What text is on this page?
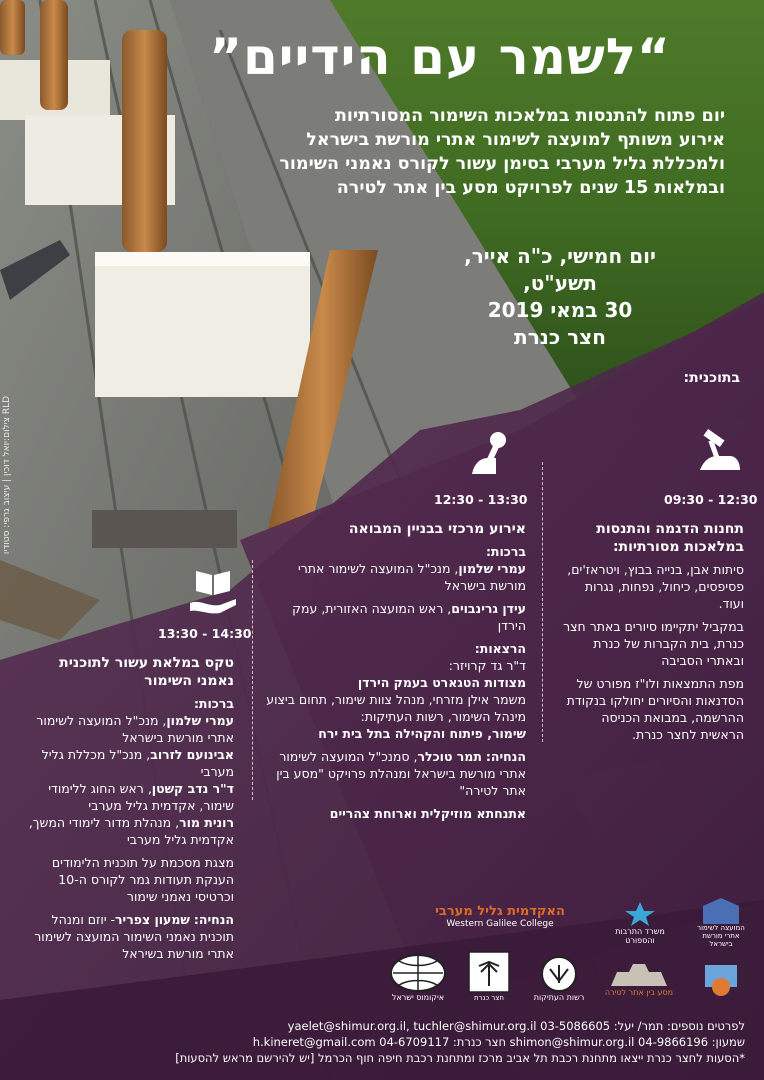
”לשמר עם הידיים“
יום פתוח להתנסות במלאכות השימור המסורתיות
אירוע משותף למועצה לשימור אתרי מורשת בישראל
ולמכללת גליל מערבי בסימן עשור לקורס נאמני השימור
ובמלאות 15 שנים לפרויקט מסע בין אתר לטירה
יום חמישי, כ"ה אייר, תשע"ט,
30 במאי 2019
חצר כנרת
בתוכנית:
09:30 - 12:30
12:30 - 13:30
13:30 - 14:30
תחנות הדגמה והתנסות במלאכות מסורתיות:

סיתות אבן, בנייה בבוץ, ויטראז'ים, פסיפסים, כיחול, נפחות, נגרות ועוד.

במקביל יתקיימו סיורים באתר חצר כנרת, בית הקברות של כנרת ובאתרי הסביבה

מפת התמצאות ולו"ז מפורט של הסדנאות והסיורים יחולקו בנקודת ההרשמה, במבואת הכניסה הראשית לחצר כנרת.

אירוע מרכזי בבניין המבואה
ברכות:

עמרי שלמון, מנכ"ל המועצה לשימור אתרי מורשת בישראל

עידן גרינבוים, ראש המועצה האזורית, עמק הירדן

הרצאות:
ד"ר גד קרויזר:
מצודות הטגארט בעמק הירדן
משמר אילן מזרחי, מנהל צוות שימור, תחום ביצוע מינהל השימור, רשות העתיקות:

שימור, פיתוח והקהילה בתל בית ירח

הנחיה: תמר טוכלר, סמנכ"ל המועצה לשימור אתרי מורשת בישראל ומנהלת פרויקט "מסע בין אתר לטירה"

אתנחתא מוזיקלית וארוחת צהריים

טקס במלאת עשור לתוכנית נאמני השימור
ברכות:
עמרי שלמון, מנכ"ל המועצה לשימור אתרי מורשת בישראל
אבינועם לזרוב, מנכ"ל מכללת גליל מערבי
ד"ר נדב קשטן, ראש החוג ללימודי שימור, אקדמית גליל מערבי

רונית מור, מנהלת מדור לימודי המשך, אקדמית גליל מערבי

מצגת מסכמת על תוכנית הלימודים

הענקת תעודות גמר לקורס ה-10 וכרטיסי נאמני שימור

הנחיה: שמעון צפריר- יוזם ומנהל תוכנית נאמני השימור המועצה לשימור אתרי מורשת בשיראל

המועצה לשימור אתרי מורשת בישראל
משרד התרבות והספורט
האקדמית גליל מערבי
Western Galilee College
מסע בין אתר לטירה
רשות העתיקות
חצר כנרת
איקומוס ישראל
לפרטים נוספים: תמר/ יעל: 03-5086605 yaelet@shimur.org.il, tuchler@shimur.org.il
שמעון: 04-9866196 shimon@shimur.org.il חצר כנרת: 04-6709117 h.kineret@gmail.com
*הסעות לחצר כנרת ייצאו מתחנת רכבת תל אביב מרכז ומתחנת רכבת חיפה חוף הכרמל [יש להירשם מראש להסעות]
צילום:יואל דוכין | עיצוב גרפי: סטודיו RLD
